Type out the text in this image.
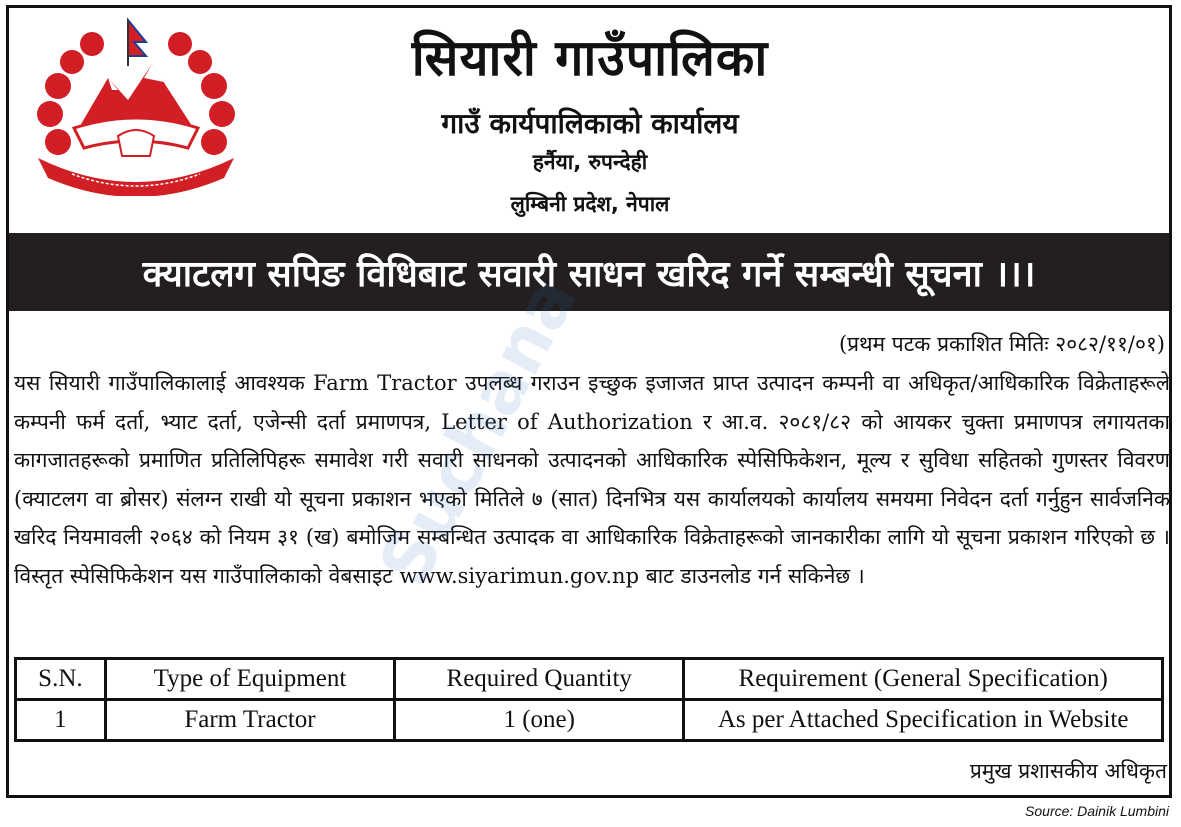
सियारी गाउँपालिका
गाउँ कार्यपालिकाको कार्यालय
हर्नैया, रुपन्देही
लुम्बिनी प्रदेश, नेपाल
क्याटलग सपिङ विधिबाट सवारी साधन खरिद गर्ने सम्बन्धी सूचना ।।।
(प्रथम पटक प्रकाशित मितिः २०८२/११/०१)
यस सियारी गाउँपालिकालाई आवश्यक Farm Tractor उपलब्ध गराउन इच्छुक इजाजत प्राप्त उत्पादन कम्पनी वा अधिकृत/आधिकारिक विक्रेताहरूले कम्पनी फर्म दर्ता, भ्याट दर्ता, एजेन्सी दर्ता प्रमाणपत्र, Letter of Authorization र आ.व. २०८१/८२ को आयकर चुक्ता प्रमाणपत्र लगायतका कागजातहरूको प्रमाणित प्रतिलिपिहरू समावेश गरी सवारी साधनको उत्पादनको आधिकारिक स्पेसिफिकेशन, मूल्य र सुविधा सहितको गुणस्तर विवरण (क्याटलग वा ब्रोसर) संलग्न राखी यो सूचना प्रकाशन भएको मितिले ७ (सात) दिनभित्र यस कार्यालयको कार्यालय समयमा निवेदन दर्ता गर्नुहुन सार्वजनिक खरिद नियमावली २०६४ को नियम ३१ (ख) बमोजिम सम्बन्धित उत्पादक वा आधिकारिक विक्रेताहरूको जानकारीका लागि यो सूचना प्रकाशन गरिएको छ । विस्तृत स्पेसिफिकेशन यस गाउँपालिकाको वेबसाइट www.siyarimun.gov.np बाट डाउनलोड गर्न सकिनेछ ।
S.N.	Type of Equipment	Required Quantity	Requirement (General Specification)
1	Farm Tractor	1 (one)	As per Attached Specification in Website
प्रमुख प्रशासकीय अधिकृत
Source: Dainik Lumbini
Suchana
